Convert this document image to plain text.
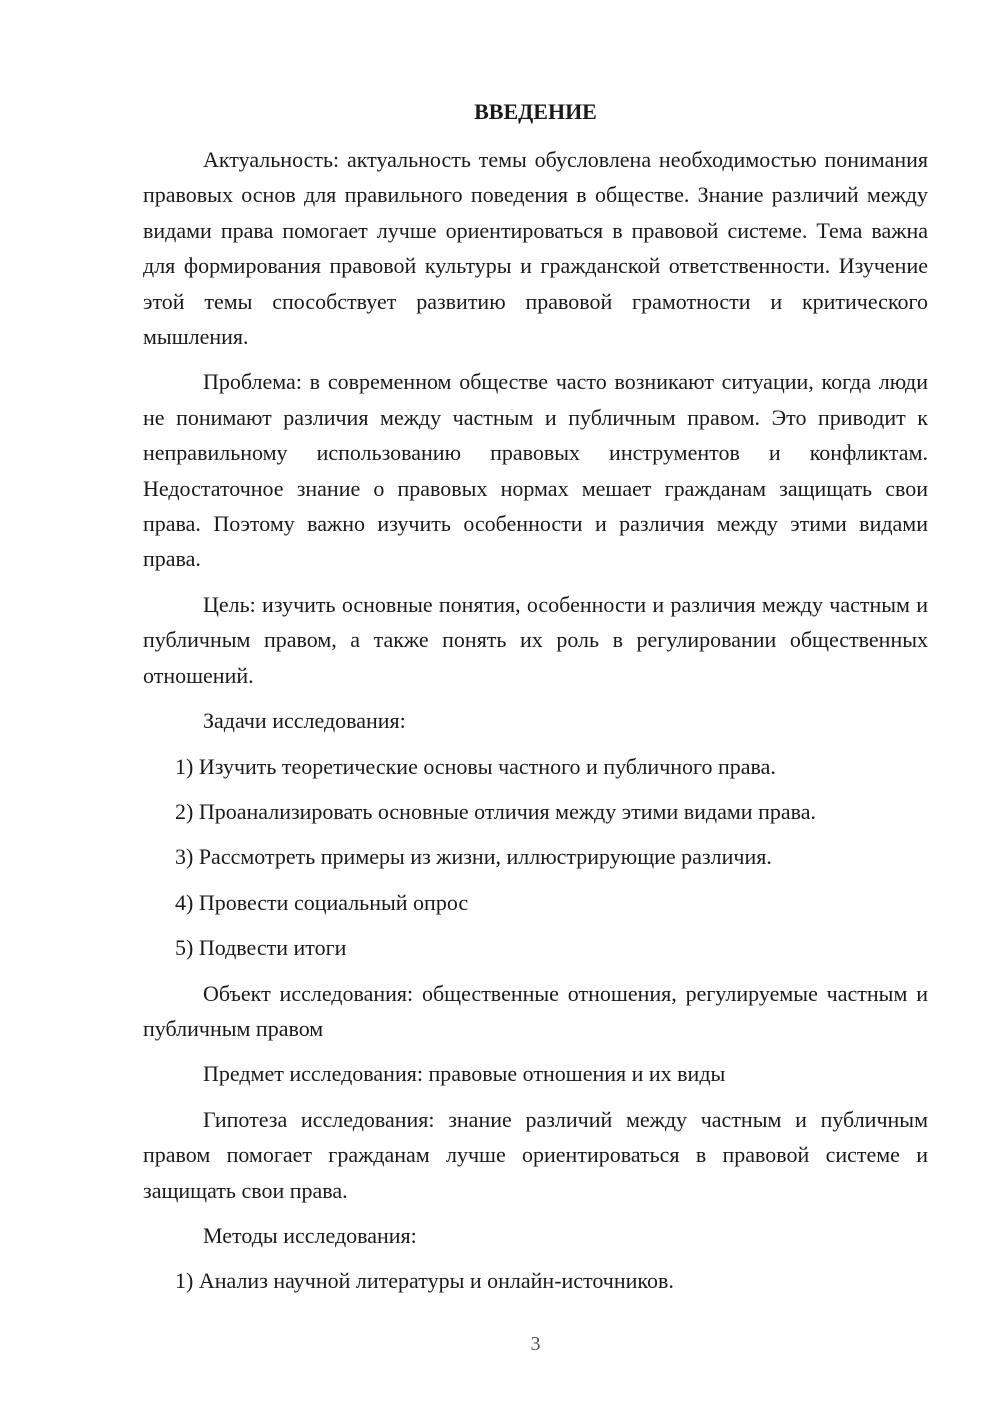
ВВЕДЕНИЕ

Актуальность: актуальность темы обусловлена необходимостью понимания правовых основ для правильного поведения в обществе. Знание различий между видами права помогает лучше ориентироваться в правовой системе. Тема важна для формирования правовой культуры и гражданской ответственности. Изучение этой темы способствует развитию правовой грамотности и критического мышления.

Проблема: в современном обществе часто возникают ситуации, когда люди не понимают различия между частным и публичным правом. Это приводит к неправильному использованию правовых инструментов и конфликтам. Недостаточное знание о правовых нормах мешает гражданам защищать свои права. Поэтому важно изучить особенности и различия между этими видами права.

Цель: изучить основные понятия, особенности и различия между частным и публичным правом, а также понять их роль в регулировании общественных отношений.

Задачи исследования:

1) Изучить теоретические основы частного и публичного права.
2) Проанализировать основные отличия между этими видами права.
3) Рассмотреть примеры из жизни, иллюстрирующие различия.
4) Провести социальный опрос
5) Подвести итоги

Объект исследования: общественные отношения, регулируемые частным и публичным правом

Предмет исследования: правовые отношения и их виды

Гипотеза исследования: знание различий между частным и публичным правом помогает гражданам лучше ориентироваться в правовой системе и защищать свои права.

Методы исследования:

1) Анализ научной литературы и онлайн-источников.
3
